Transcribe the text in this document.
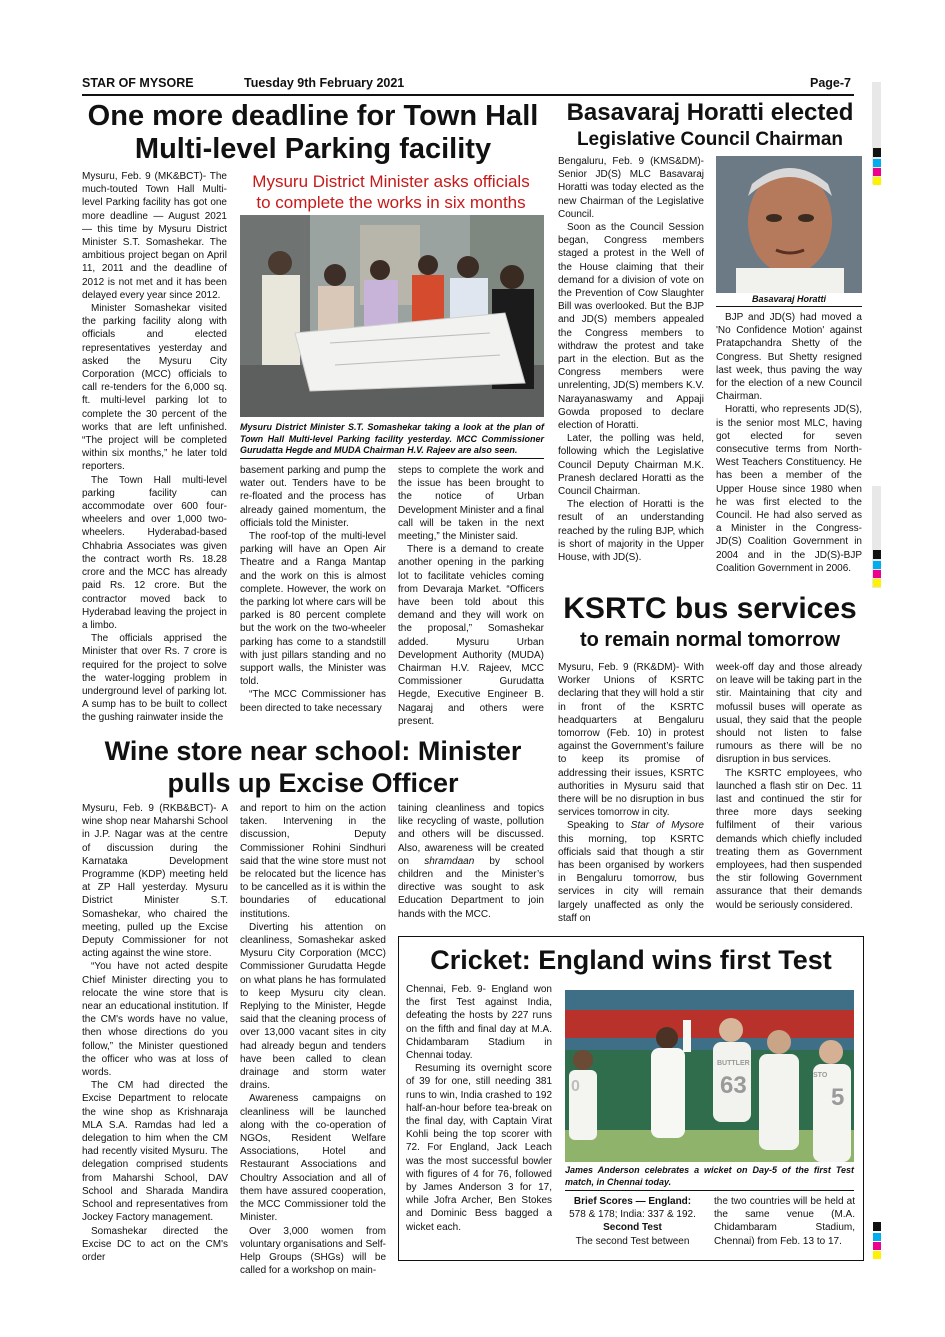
STAR OF MYSORE	Tuesday 9th February 2021	Page-7
One more deadline for Town Hall
Multi-level Parking facility

Mysuru, Feb. 9 (MK&BCT)- The much-touted Town Hall Multi-level Parking facility has got one more deadline — August 2021 — this time by Mysuru District Minister S.T. Somashekar. The ambitious project began on April 11, 2011 and the deadline of 2012 is not met and it has been delayed every year since 2012.

Minister Somashekar visited the parking facility along with officials and elected representatives yesterday and asked the Mysuru City Corporation (MCC) officials to call re-tenders for the 6,000 sq. ft. multi-level parking lot to complete the 30 percent of the works that are left unfinished. “The project will be completed within six months,” he later told reporters.

The Town Hall multi-level parking facility can accommodate over 600 four-wheelers and over 1,000 two-wheelers. Hyderabad-based Chhabria Associates was given the contract worth Rs. 18.28 crore and the MCC has already paid Rs. 12 crore. But the contractor moved back to Hyderabad leaving the project in a limbo.

The officials apprised the Minister that over Rs. 7 crore is required for the project to solve the water-logging problem in underground level of parking lot. A sump has to be built to collect the gushing rainwater inside the

Mysuru District Minister asks officials
to complete the works in six months
Mysuru District Minister S.T. Somashekar taking a look at the plan of Town Hall Multi-level Parking facility yesterday. MCC Commissioner Gurudatta Hegde and MUDA Chairman H.V. Rajeev are also seen.

basement parking and pump the water out. Tenders have to be re-floated and the process has already gained momentum, the officials told the Minister.

The roof-top of the multi-level parking will have an Open Air Theatre and a Ranga Mantap and the work on this is almost complete. However, the work on the parking lot where cars will be parked is 80 percent complete but the work on the two-wheeler parking has come to a standstill with just pillars standing and no support walls, the Minister was told.

“The MCC Commissioner has been directed to take necessary

steps to complete the work and the issue has been brought to the notice of Urban Development Minister and a final call will be taken in the next meeting,” the Minister said.

There is a demand to create another opening in the parking lot to facilitate vehicles coming from Devaraja Market. “Officers have been told about this demand and they will work on the proposal,” Somashekar added. Mysuru Urban Development Authority (MUDA) Chairman H.V. Rajeev, MCC Commissioner Gurudatta Hegde, Executive Engineer B. Nagaraj and others were present.

Basavaraj Horatti elected
Legislative Council Chairman

Bengaluru, Feb. 9 (KMS&DM)- Senior JD(S) MLC Basavaraj Horatti was today elected as the new Chairman of the Legislative Council.

Soon as the Council Session began, Congress members staged a protest in the Well of the House claiming that their demand for a division of vote on the Prevention of Cow Slaughter Bill was overlooked. But the BJP and JD(S) members appealed the Congress members to withdraw the protest and take part in the election. But as the Congress members were unrelenting, JD(S) members K.V. Narayanaswamy and Appaji Gowda proposed to declare election of Horatti.

Later, the polling was held, following which the Legislative Council Deputy Chairman M.K. Pranesh declared Horatti as the Council Chairman.

The election of Horatti is the result of an understanding reached by the ruling BJP, which is short of majority in the Upper House, with JD(S).

Basavaraj Horatti

BJP and JD(S) had moved a 'No Confidence Motion' against Pratapchandra Shetty of the Congress. But Shetty resigned last week, thus paving the way for the election of a new Council Chairman.

Horatti, who represents JD(S), is the senior most MLC, having got elected for seven consecutive terms from North-West Teachers Constituency. He has been a member of the Upper House since 1980 when he was first elected to the Council. He had also served as a Minister in the Congress- JD(S) Coalition Government in 2004 and in the JD(S)-BJP Coalition Government in 2006.

KSRTC bus services
to remain normal tomorrow

Mysuru, Feb. 9 (RK&DM)- With Worker Unions of KSRTC declaring that they will hold a stir in front of the KSRTC headquarters at Bengaluru tomorrow (Feb. 10) in protest against the Government’s failure to keep its promise of addressing their issues, KSRTC authorities in Mysuru said that there will be no disruption in bus services tomorrow in city.

Speaking to Star of Mysore this morning, top KSRTC officials said that though a stir has been organised by workers in Bengaluru tomorrow, bus services in city will remain largely unaffected as only the staff on

week-off day and those already on leave will be taking part in the stir. Maintaining that city and mofussil buses will operate as usual, they said that the people should not listen to false rumours as there will be no disruption in bus services.

The KSRTC employees, who launched a flash stir on Dec. 11 last and continued the stir for three more days seeking fulfilment of their various demands which chiefly included treating them as Government employees, had then suspended the stir following Government assurance that their demands would be seriously considered.

Wine store near school: Minister
pulls up Excise Officer

Mysuru, Feb. 9 (RKB&BCT)- A wine shop near Maharshi School in J.P. Nagar was at the centre of discussion during the Karnataka Development Programme (KDP) meeting held at ZP Hall yesterday. Mysuru District Minister S.T. Somashekar, who chaired the meeting, pulled up the Excise Deputy Commissioner for not acting against the wine store.

“You have not acted despite Chief Minister directing you to relocate the wine store that is near an educational institution. If the CM's words have no value, then whose directions do you follow,” the Minister questioned the officer who was at loss of words.

The CM had directed the Excise Department to relocate the wine shop as Krishnaraja MLA S.A. Ramdas had led a delegation to him when the CM had recently visited Mysuru. The delegation comprised students from Maharshi School, DAV School and Sharada Mandira School and representatives from Jockey Factory management.

Somashekar directed the Excise DC to act on the CM's order

and report to him on the action taken. Intervening in the discussion, Deputy Commissioner Rohini Sindhuri said that the wine store must not be relocated but the licence has to be cancelled as it is within the boundaries of educational institutions.

Diverting his attention on cleanliness, Somashekar asked Mysuru City Corporation (MCC) Commissioner Gurudatta Hegde on what plans he has formulated to keep Mysuru city clean. Replying to the Minister, Hegde said that the cleaning process of over 13,000 vacant sites in city had already begun and tenders have been called to clean drainage and storm water drains.

Awareness campaigns on cleanliness will be launched along with the co-operation of NGOs, Resident Welfare Associations, Hotel and Restaurant Associations and Choultry Association and all of them have assured cooperation, the MCC Commissioner told the Minister.

Over 3,000 women from voluntary organisations and Self-Help Groups (SHGs) will be called for a workshop on main-

taining cleanliness and topics like recycling of waste, pollution and others will be discussed. Also, awareness will be created on shramdaan by school children and the Minister’s directive was sought to ask Education Department to join hands with the MCC.

Cricket: England wins first Test

Chennai, Feb. 9- England won the first Test against India, defeating the hosts by 227 runs on the fifth and final day at M.A. Chidambaram Stadium in Chennai today.

Resuming its overnight score of 39 for one, still needing 381 runs to win, India crashed to 192 half-an-hour before tea-break on the final day, with Captain Virat Kohli being the top scorer with 72. For England, Jack Leach was the most successful bowler with figures of 4 for 76, followed by James Anderson 3 for 17, while Jofra Archer, Ben Stokes and Dominic Bess bagged a wicket each.

0
BUTTLER
63	STO
5
James Anderson celebrates a wicket on Day-5 of the first Test match, in Chennai today.
Brief Scores — England:
578 & 178; India: 337 & 192.
Second Test
The second Test between

the two countries will be held at the same venue (M.A. Chidambaram Stadium, Chennai) from Feb. 13 to 17.
